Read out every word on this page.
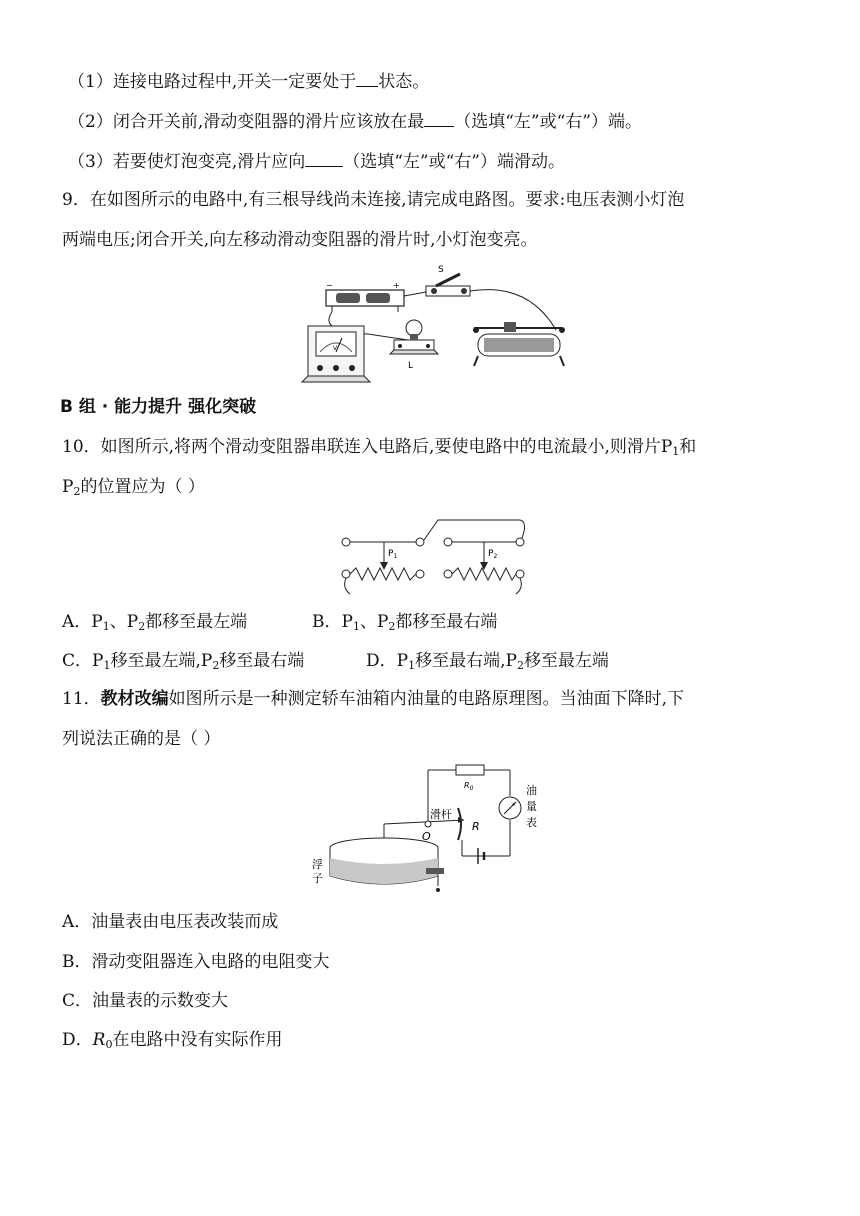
（1）连接电路过程中,开关一定要处于 状态。
（2）闭合开关前,滑动变阻器的滑片应该放在最 （选填“左”或“右”）端。
（3）若要使灯泡变亮,滑片应向 （选填“左”或“右”）端滑动。
9．在如图所示的电路中,有三根导线尚未连接,请完成电路图。要求:电压表测小灯泡
两端电压;闭合开关,向左移动滑动变阻器的滑片时,小灯泡变亮。
−	+
S
V
L
B 组 · 能力提升 强化突破
10．如图所示,将两个滑动变阻器串联连入电路后,要使电路中的电流最小,则滑片$P_1$和
$P_2$的位置应为（ ）
$P_1$	$P_2$
A．$P_1$、$P_2$都移至最左端	B．$P_1$、$P_2$都移至最右端
C．$P_1$移至最左端$,P_2$移至最右端	D．$P_1$移至最右端$,P_2$移至最左端
11．教材改编如图所示是一种测定轿车油箱内油量的电路原理图。当油面下降时,下
列说法正确的是（ ）
$R_0$	油
量
表
R
滑杆
O
浮
子
A．油量表由电压表改装而成
B．滑动变阻器连入电路的电阻变大
C．油量表的示数变大
D．$R_0$在电路中没有实际作用
